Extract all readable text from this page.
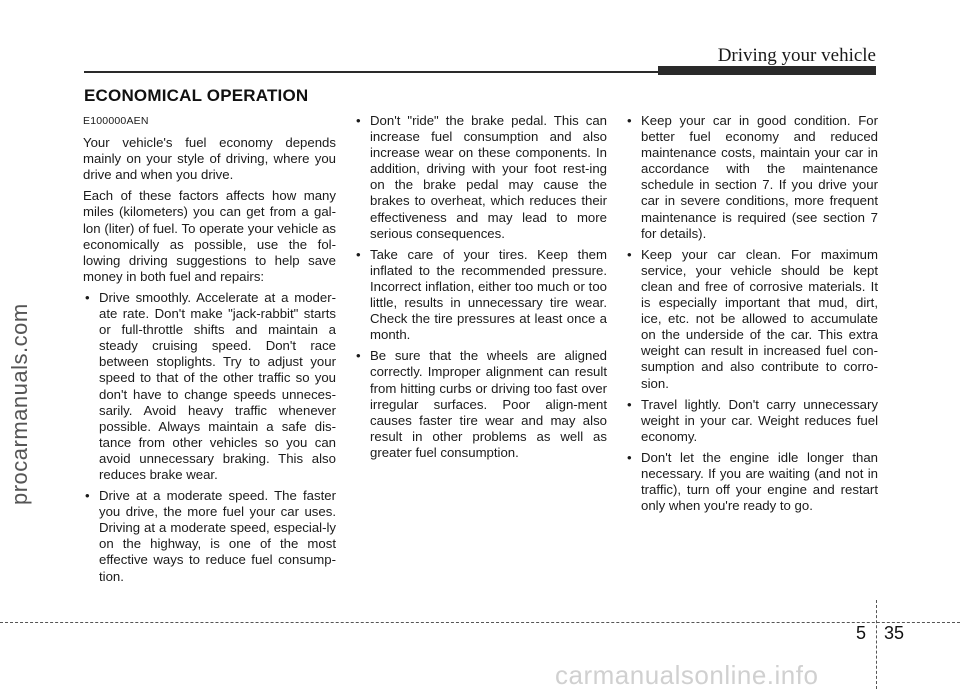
Driving your vehicle
procarmanuals.com
ECONOMICAL OPERATION
E100000AEN

Your vehicle's fuel economy depends mainly on your style of driving, where you drive and when you drive.

Each of these factors affects how many miles (kilometers) you can get from a gal-lon (liter) of fuel. To operate your vehicle as economically as possible, use the fol-lowing driving suggestions to help save money in both fuel and repairs:

• Drive smoothly. Accelerate at a moder-ate rate. Don't make "jack-rabbit" starts or full-throttle shifts and maintain a steady cruising speed. Don't race between stoplights. Try to adjust your speed to that of the other traffic so you don't have to change speeds unneces-sarily. Avoid heavy traffic whenever possible. Always maintain a safe dis-tance from other vehicles so you can avoid unnecessary braking. This also reduces brake wear.
• Drive at a moderate speed. The faster you drive, the more fuel your car uses. Driving at a moderate speed, especial-ly on the highway, is one of the most effective ways to reduce fuel consump-tion.
• Don't "ride" the brake pedal. This can increase fuel consumption and also increase wear on these components. In addition, driving with your foot rest-ing on the brake pedal may cause the brakes to overheat, which reduces their effectiveness and may lead to more serious consequences.
• Take care of your tires. Keep them inflated to the recommended pressure. Incorrect inflation, either too much or too little, results in unnecessary tire wear. Check the tire pressures at least once a month.
• Be sure that the wheels are aligned correctly. Improper alignment can result from hitting curbs or driving too fast over irregular surfaces. Poor align-ment causes faster tire wear and may also result in other problems as well as greater fuel consumption.
• Keep your car in good condition. For better fuel economy and reduced maintenance costs, maintain your car in accordance with the maintenance schedule in section 7. If you drive your car in severe conditions, more frequent maintenance is required (see section 7 for details).
• Keep your car clean. For maximum service, your vehicle should be kept clean and free of corrosive materials. It is especially important that mud, dirt, ice, etc. not be allowed to accumulate on the underside of the car. This extra weight can result in increased fuel con-sumption and also contribute to corro-sion.
• Travel lightly. Don't carry unnecessary weight in your car. Weight reduces fuel economy.
• Don't let the engine idle longer than necessary. If you are waiting (and not in traffic), turn off your engine and restart only when you're ready to go.
5 35
carmanualsonline.info
